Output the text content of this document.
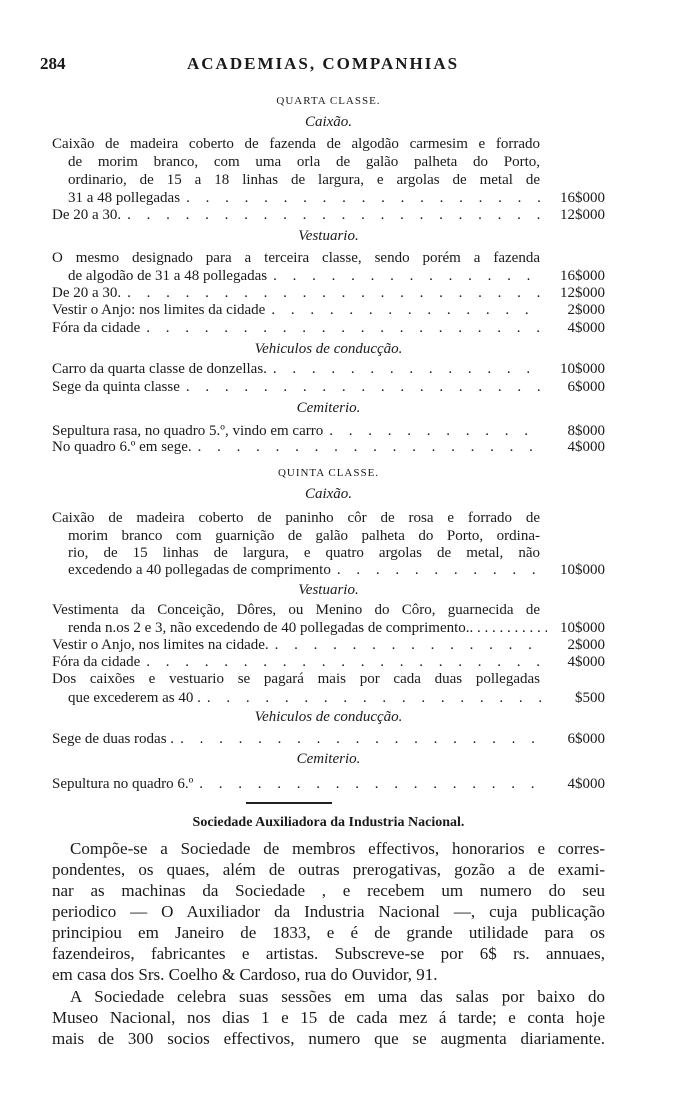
284	ACADEMIAS, COMPANHIAS
QUARTA CLASSE.
Caixão.
Caixão de madeira coberto de fazenda de algodão carmesim e forrado
de morim branco, com uma orla de galão palheta do Porto,
ordinario, de 15 a 18 linhas de largura, e argolas de metal de
31 a 48 pollegadas . . .	16$000
De 20 a 30. . . .	12$000
Vestuario.
O mesmo designado para a terceira classe, sendo porém a fazenda
de algodão de 31 a 48 pollegadas . . .	16$000
De 20 a 30. . . .	12$000
Vestir o Anjo: nos limites da cidade . . .	2$000
Fóra da cidade . . .	4$000
Vehiculos de conducção.
Carro da quarta classe de donzellas. . . .	10$000
Sege da quinta classe . . .	6$000
Cemiterio.
Sepultura rasa, no quadro 5.º, vindo em carro . . .	8$000
No quadro 6.º em sege. . . .	4$000
QUINTA CLASSE.
Caixão.
Caixão de madeira coberto de paninho côr de rosa e forrado de
morim branco com guarnição de galão palheta do Porto, ordina-
rio, de 15 linhas de largura, e quatro argolas de metal, não
excedendo a 40 pollegadas de comprimento . . .	10$000
Vestuario.
Vestimenta da Conceição, Dôres, ou Menino do Côro, guarnecida de
renda n.os 2 e 3, não excedendo de 40 pollegadas de comprimento. . . .	10$000
Vestir o Anjo, nos limites na cidade. . . .	2$000
Fóra da cidade . . .	4$000
Dos caixões e vestuario se pagará mais por cada duas pollegadas
que excederem as 40 . . . .	$500
Vehiculos de conducção.
Sege de duas rodas . . . .	6$000
Cemiterio.
Sepultura no quadro 6.º . . .	4$000
Sociedade Auxiliadora da Industria Nacional.
Compõe-se a Sociedade de membros effectivos, honorarios e corres-
pondentes, os quaes, além de outras prerogativas, gozão a de exami-
nar as machinas da Sociedade , e recebem um numero do seu
periodico — O Auxiliador da Industria Nacional —, cuja publicação
principiou em Janeiro de 1833, e é de grande utilidade para os
fazendeiros, fabricantes e artistas. Subscreve-se por 6$ rs. annuaes,
em casa dos Srs. Coelho & Cardoso, rua do Ouvidor, 91.
A Sociedade celebra suas sessões em uma das salas por baixo do
Museo Nacional, nos dias 1 e 15 de cada mez á tarde; e conta hoje
mais de 300 socios effectivos, numero que se augmenta diariamente.
